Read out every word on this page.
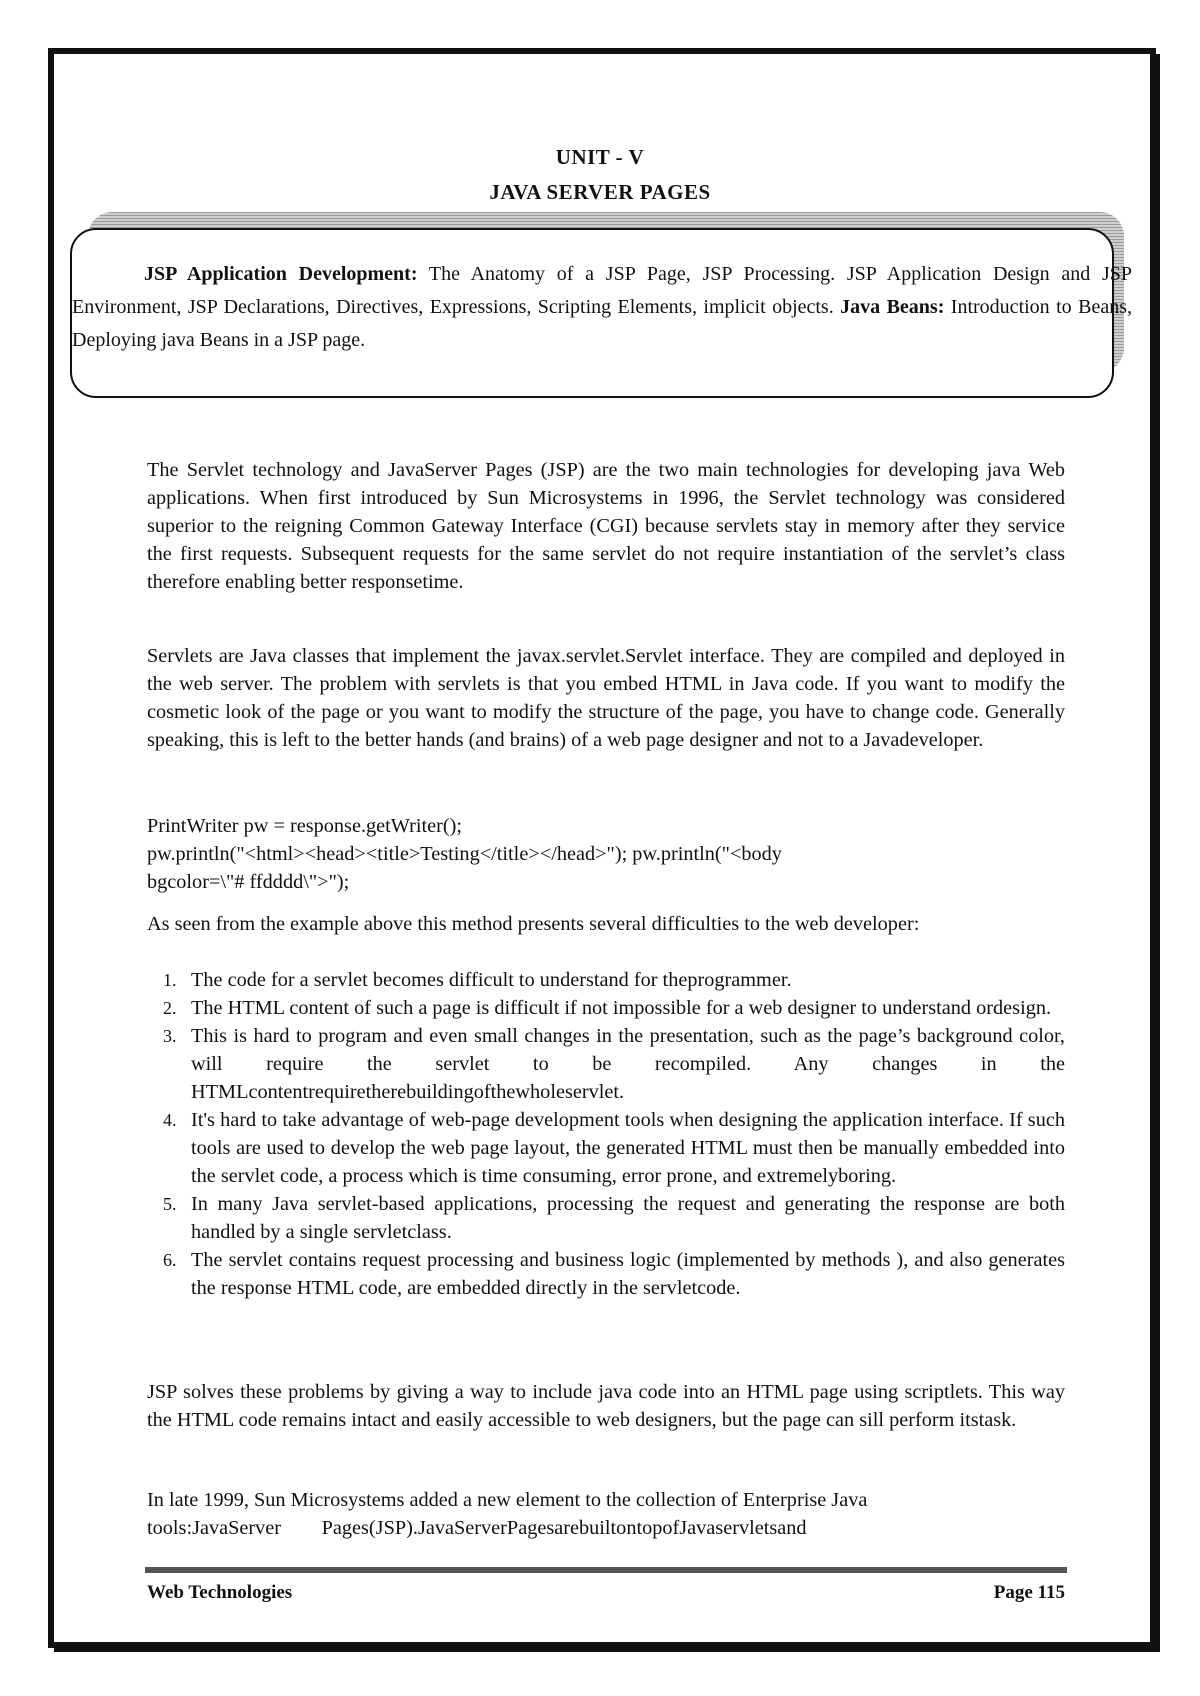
UNIT - V
JAVA SERVER PAGES
JSP Application Development: The Anatomy of a JSP Page, JSP Processing. JSP Application Design and JSP Environment, JSP Declarations, Directives, Expressions, Scripting Elements, implicit objects. Java Beans: Introduction to Beans, Deploying java Beans in a JSP page.
The Servlet technology and JavaServer Pages (JSP) are the two main technologies for developing java Web applications. When first introduced by Sun Microsystems in 1996, the Servlet technology was considered superior to the reigning Common Gateway Interface (CGI) because servlets stay in memory after they service the first requests. Subsequent requests for the same servlet do not require instantiation of the servlet’s class therefore enabling better responsetime.
Servlets are Java classes that implement the javax.servlet.Servlet interface. They are compiled and deployed in the web server. The problem with servlets is that you embed HTML in Java code. If you want to modify the cosmetic look of the page or you want to modify the structure of the page, you have to change code. Generally speaking, this is left to the better hands (and brains) of a web page designer and not to a Javadeveloper.
PrintWriter pw = response.getWriter();
pw.println("<html><head><title>Testing</title></head>"); pw.println("<body
bgcolor=\"# ffdddd\">");
As seen from the example above this method presents several difficulties to the web developer:
1. The code for a servlet becomes difficult to understand for theprogrammer.
2. The HTML content of such a page is difficult if not impossible for a web designer to understand ordesign.
3. This is hard to program and even small changes in the presentation, such as the page’s background color, will require the servlet to be recompiled. Any changes in the HTMLcontentrequiretherebuildingofthewholeservlet.
4. It's hard to take advantage of web-page development tools when designing the application interface. If such tools are used to develop the web page layout, the generated HTML must then be manually embedded into the servlet code, a process which is time consuming, error prone, and extremelyboring.
5. In many Java servlet-based applications, processing the request and generating the response are both handled by a single servletclass.
6. The servlet contains request processing and business logic (implemented by methods ), and also generates the response HTML code, are embedded directly in the servletcode.
JSP solves these problems by giving a way to include java code into an HTML page using scriptlets. This way the HTML code remains intact and easily accessible to web designers, but the page can sill perform itstask.
In late 1999, Sun Microsystems added a new element to the collection of Enterprise Java
tools:JavaServer        Pages(JSP).JavaServerPagesarebuiltontopofJavaservletsand
Web Technologies	Page 115
